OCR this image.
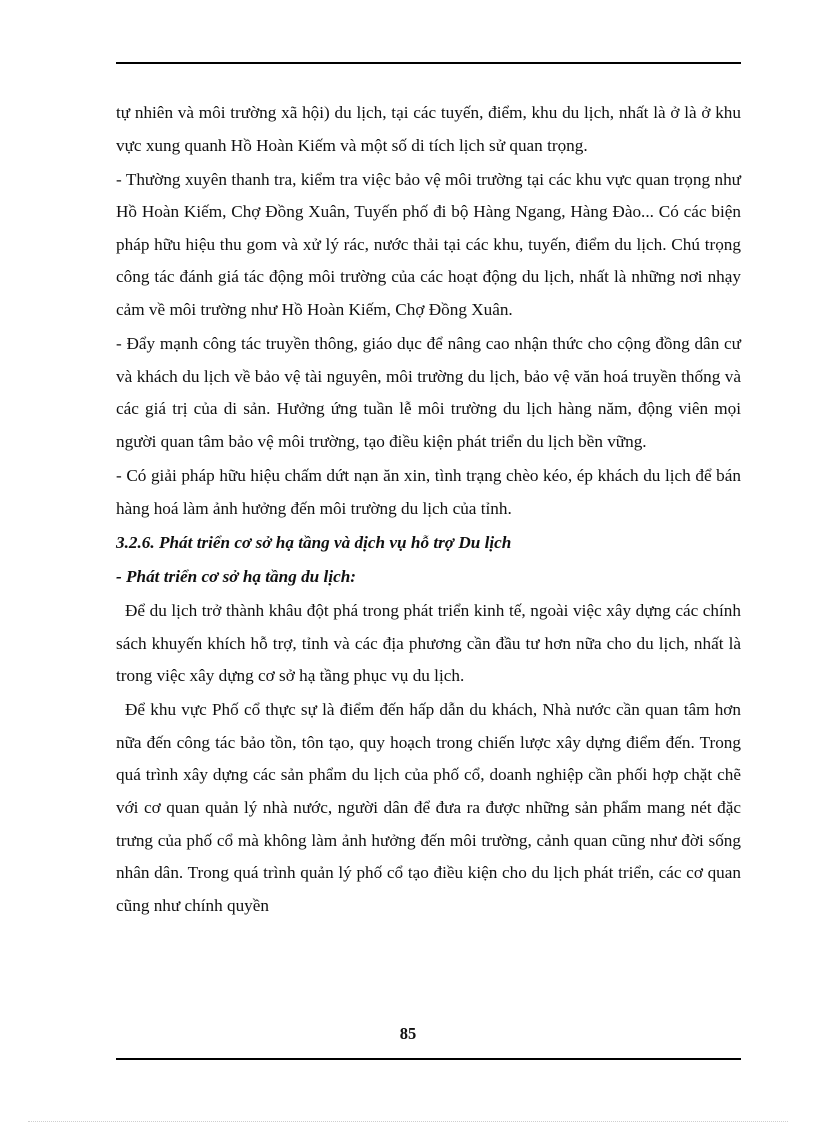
tự nhiên và môi trường xã hội) du lịch, tại các tuyến, điểm, khu du lịch, nhất là ở là ở khu vực xung quanh Hồ Hoàn Kiếm và một số di tích lịch sử quan trọng.

- Thường xuyên thanh tra, kiểm tra việc bảo vệ môi trường tại các khu vực quan trọng như Hồ Hoàn Kiếm, Chợ Đồng Xuân, Tuyến phố đi bộ Hàng Ngang, Hàng Đào... Có các biện pháp hữu hiệu thu gom và xử lý rác, nước thải tại các khu, tuyến, điểm du lịch. Chú trọng công tác đánh giá tác động môi trường của các hoạt động du lịch, nhất là những nơi nhạy cảm về môi trường như Hồ Hoàn Kiếm, Chợ Đồng Xuân.

- Đẩy mạnh công tác truyền thông, giáo dục để nâng cao nhận thức cho cộng đồng dân cư và khách du lịch về bảo vệ tài nguyên, môi trường du lịch, bảo vệ văn hoá truyền thống và các giá trị của di sản. Hưởng ứng tuần lễ môi trường du lịch hàng năm, động viên mọi người quan tâm bảo vệ môi trường, tạo điều kiện phát triển du lịch bền vững.

- Có giải pháp hữu hiệu chấm dứt nạn ăn xin, tình trạng chèo kéo, ép khách du lịch để bán hàng hoá làm ảnh hưởng đến môi trường du lịch của tỉnh.

3.2.6. Phát triển cơ sở hạ tầng và dịch vụ hỗ trợ Du lịch

- Phát triển cơ sở hạ tầng du lịch:

Để du lịch trở thành khâu đột phá trong phát triển kinh tế, ngoài việc xây dựng các chính sách khuyến khích hỗ trợ, tỉnh và các địa phương cần đầu tư hơn nữa cho du lịch, nhất là trong việc xây dựng cơ sở hạ tầng phục vụ du lịch.

Để khu vực Phố cổ thực sự là điểm đến hấp dẫn du khách, Nhà nước cần quan tâm hơn nữa đến công tác bảo tồn, tôn tạo, quy hoạch trong chiến lược xây dựng điểm đến. Trong quá trình xây dựng các sản phẩm du lịch của phố cổ, doanh nghiệp cần phối hợp chặt chẽ với cơ quan quản lý nhà nước, người dân để đưa ra được những sản phẩm mang nét đặc trưng của phố cổ mà không làm ảnh hưởng đến môi trường, cảnh quan cũng như đời sống nhân dân. Trong quá trình quản lý phố cổ tạo điều kiện cho du lịch phát triển, các cơ quan cũng như chính quyền

85
